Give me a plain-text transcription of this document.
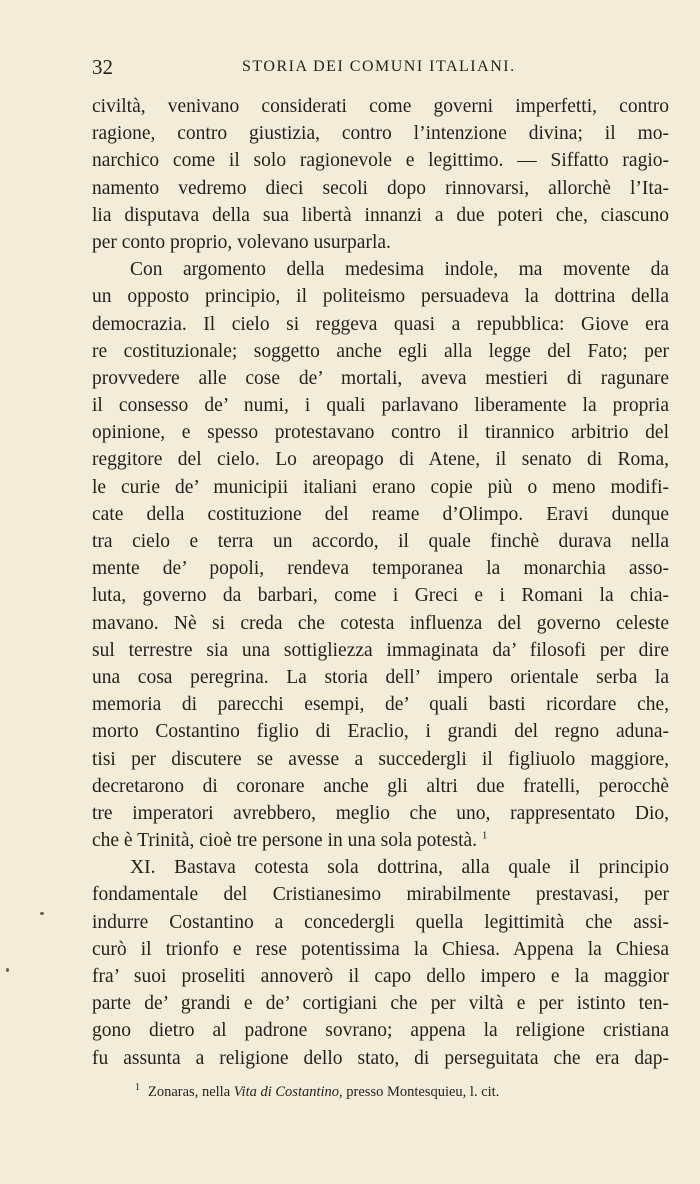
32	STORIA DEI COMUNI ITALIANI.
civiltà, venivano considerati come governi imperfetti, contro
ragione, contro giustizia, contro l’intenzione divina; il mo-
narchico come il solo ragionevole e legittimo. — Siffatto ragio-
namento vedremo dieci secoli dopo rinnovarsi, allorchè l’Ita-
lia disputava della sua libertà innanzi a due poteri che, ciascuno
per conto proprio, volevano usurparla.
Con argomento della medesima indole, ma movente da
un opposto principio, il politeismo persuadeva la dottrina della
democrazia. Il cielo si reggeva quasi a repubblica: Giove era
re costituzionale; soggetto anche egli alla legge del Fato; per
provvedere alle cose de’ mortali, aveva mestieri di ragunare
il consesso de’ numi, i quali parlavano liberamente la propria
opinione, e spesso protestavano contro il tirannico arbitrio del
reggitore del cielo. Lo areopago di Atene, il senato di Roma,
le curie de’ municipii italiani erano copie più o meno modifi-
cate della costituzione del reame d’Olimpo. Eravi dunque
tra cielo e terra un accordo, il quale finchè durava nella
mente de’ popoli, rendeva temporanea la monarchia asso-
luta, governo da barbari, come i Greci e i Romani la chia-
mavano. Nè si creda che cotesta influenza del governo celeste
sul terrestre sia una sottigliezza immaginata da’ filosofi per dire
una cosa peregrina. La storia dell’ impero orientale serba la
memoria di parecchi esempi, de’ quali basti ricordare che,
morto Costantino figlio di Eraclio, i grandi del regno aduna-
tisi per discutere se avesse a succedergli il figliuolo maggiore,
decretarono di coronare anche gli altri due fratelli, perocchè
tre imperatori avrebbero, meglio che uno, rappresentato Dio,
che è Trinità, cioè tre persone in una sola potestà. $^1$
XI. Bastava cotesta sola dottrina, alla quale il principio
fondamentale del Cristianesimo mirabilmente prestavasi, per
indurre Costantino a concedergli quella legittimità che assi-
curò il trionfo e rese potentissima la Chiesa. Appena la Chiesa
fra’ suoi proseliti annoverò il capo dello impero e la maggior
parte de’ grandi e de’ cortigiani che per viltà e per istinto ten-
gono dietro al padrone sovrano; appena la religione cristiana
fu assunta a religione dello stato, di perseguitata che era dap-
$^1$ Zonaras, nella Vita di Costantino, presso Montesquieu, l. cit.
